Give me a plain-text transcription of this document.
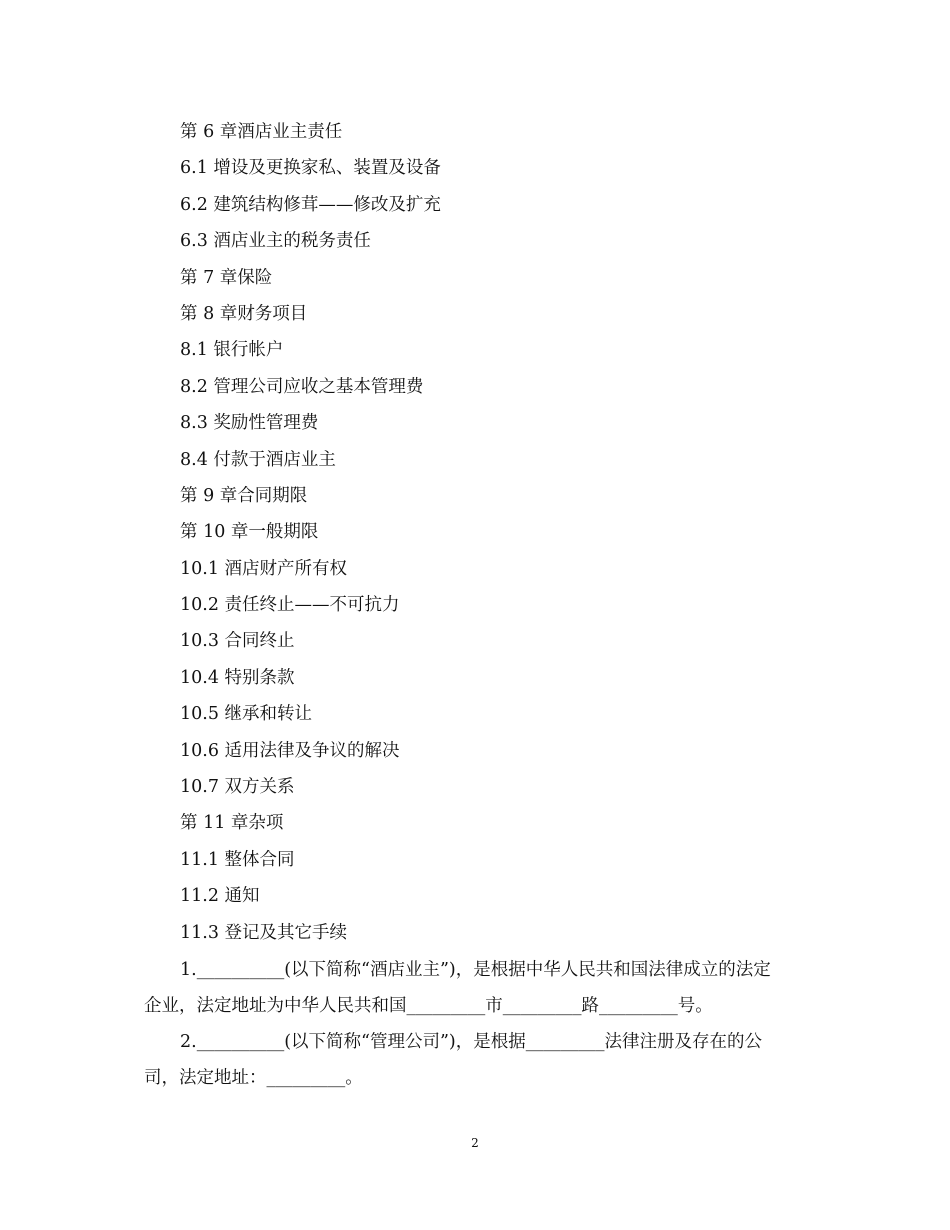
第 6 章酒店业主责任
6.1 增设及更换家私、装置及设备
6.2 建筑结构修茸——修改及扩充
6.3 酒店业主的税务责任
第 7 章保险
第 8 章财务项目
8.1 银行帐户
8.2 管理公司应收之基本管理费
8.3 奖励性管理费
8.4 付款于酒店业主
第 9 章合同期限
第 10 章一般期限
10.1 酒店财产所有权
10.2 责任终止——不可抗力
10.3 合同终止
10.4 特别条款
10.5 继承和转让
10.6 适用法律及争议的解决
10.7 双方关系
第 11 章杂项
11.1 整体合同
11.2 通知
11.3 登记及其它手续
1.__________(以下简称“酒店业主”)，是根据中华人民共和国法律成立的法定
企业，法定地址为中华人民共和国_________市_________路_________号。
2.__________(以下简称“管理公司”)，是根据_________法律注册及存在的公
司，法定地址：_________。
2
